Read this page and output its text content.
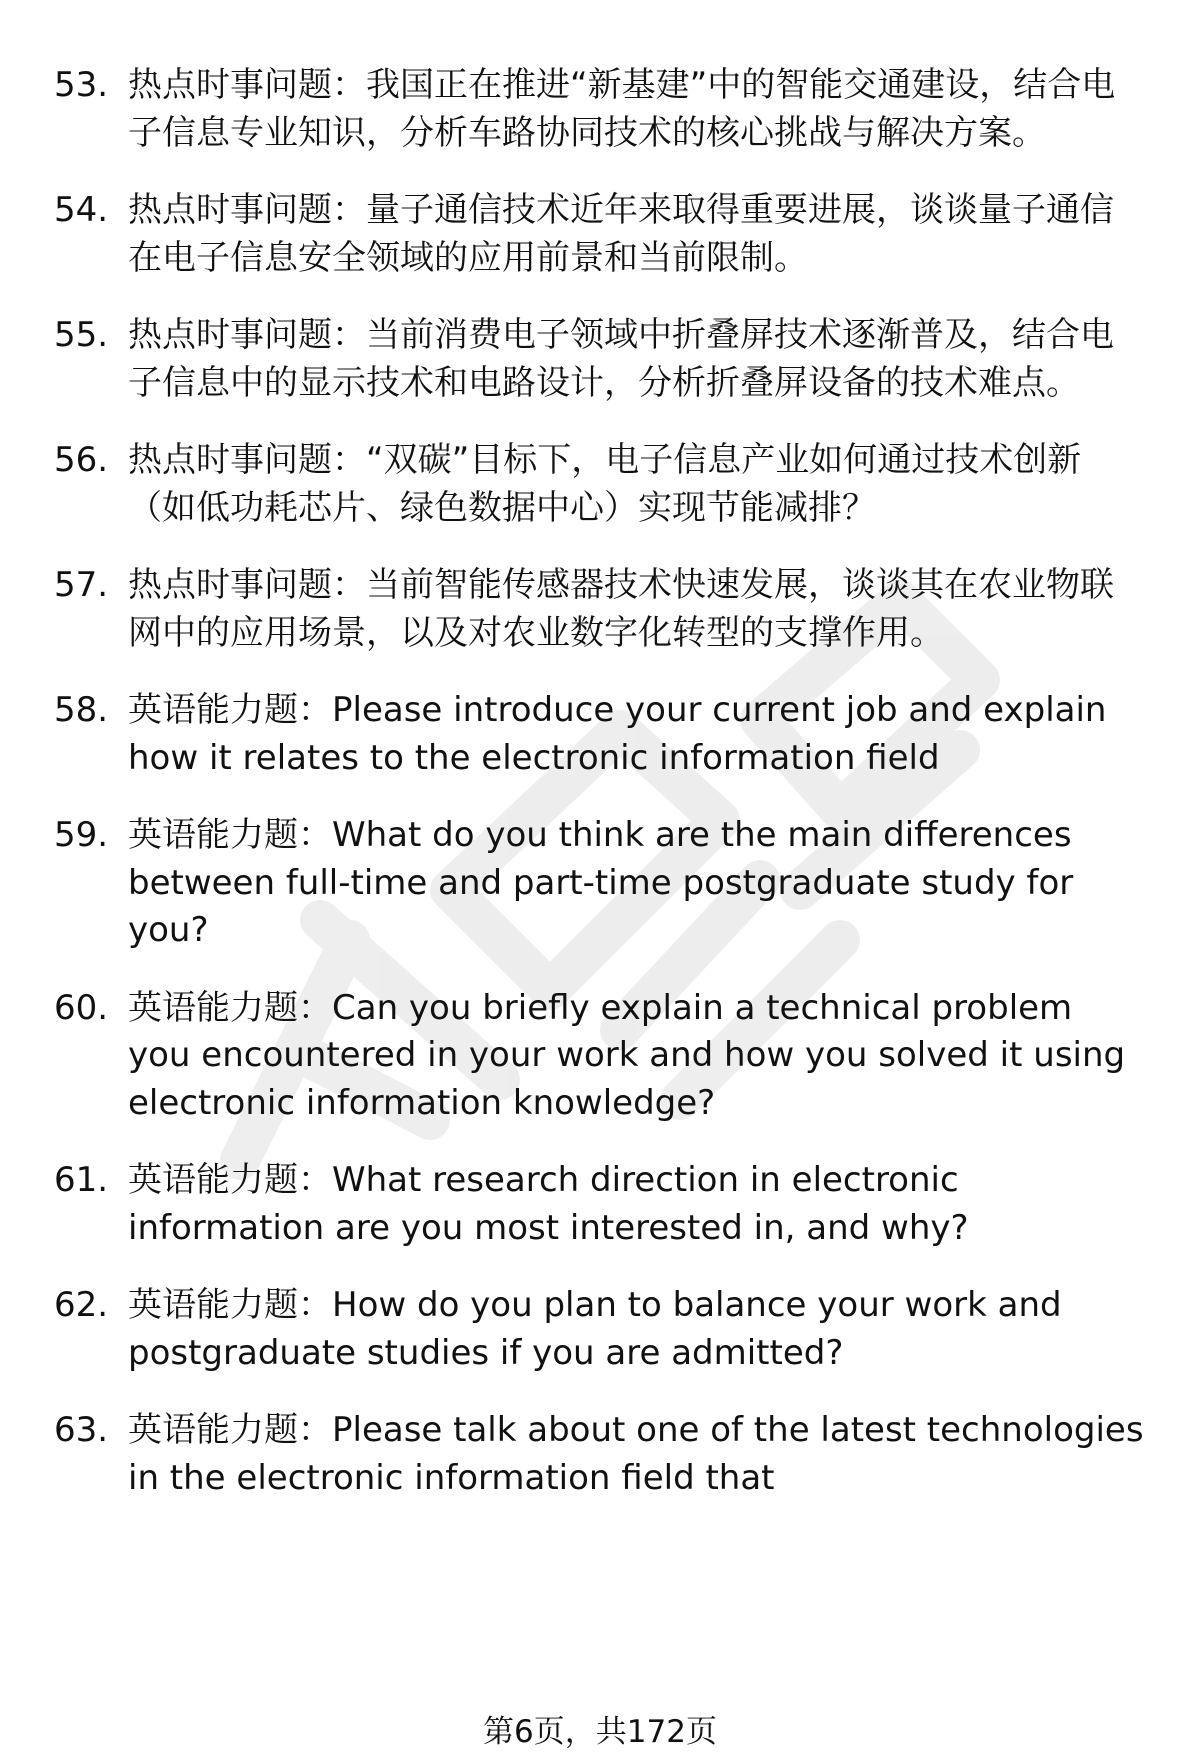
53. 热点时事问题：我国正在推进“新基建”中的智能交通建设，结合电子信息专业知识，分析车路协同技术的核心挑战与解决方案。
54. 热点时事问题：量子通信技术近年来取得重要进展，谈谈量子通信在电子信息安全领域的应用前景和当前限制。
55. 热点时事问题：当前消费电子领域中折叠屏技术逐渐普及，结合电子信息中的显示技术和电路设计，分析折叠屏设备的技术难点。
56. 热点时事问题：“双碳”目标下，电子信息产业如何通过技术创新（如低功耗芯片、绿色数据中心）实现节能减排？
57. 热点时事问题：当前智能传感器技术快速发展，谈谈其在农业物联网中的应用场景，以及对农业数字化转型的支撑作用。
58. 英语能力题：Please introduce your current job and explain how it relates to the electronic information field
59. 英语能力题：What do you think are the main differences between full-time and part-time postgraduate study for you?
60. 英语能力题：Can you briefly explain a technical problem you encountered in your work and how you solved it using electronic information knowledge?
61. 英语能力题：What research direction in electronic information are you most interested in, and why?
62. 英语能力题：How do you plan to balance your work and postgraduate studies if you are admitted?
63. 英语能力题：Please talk about one of the latest technologies in the electronic information field that
第6页，共172页
